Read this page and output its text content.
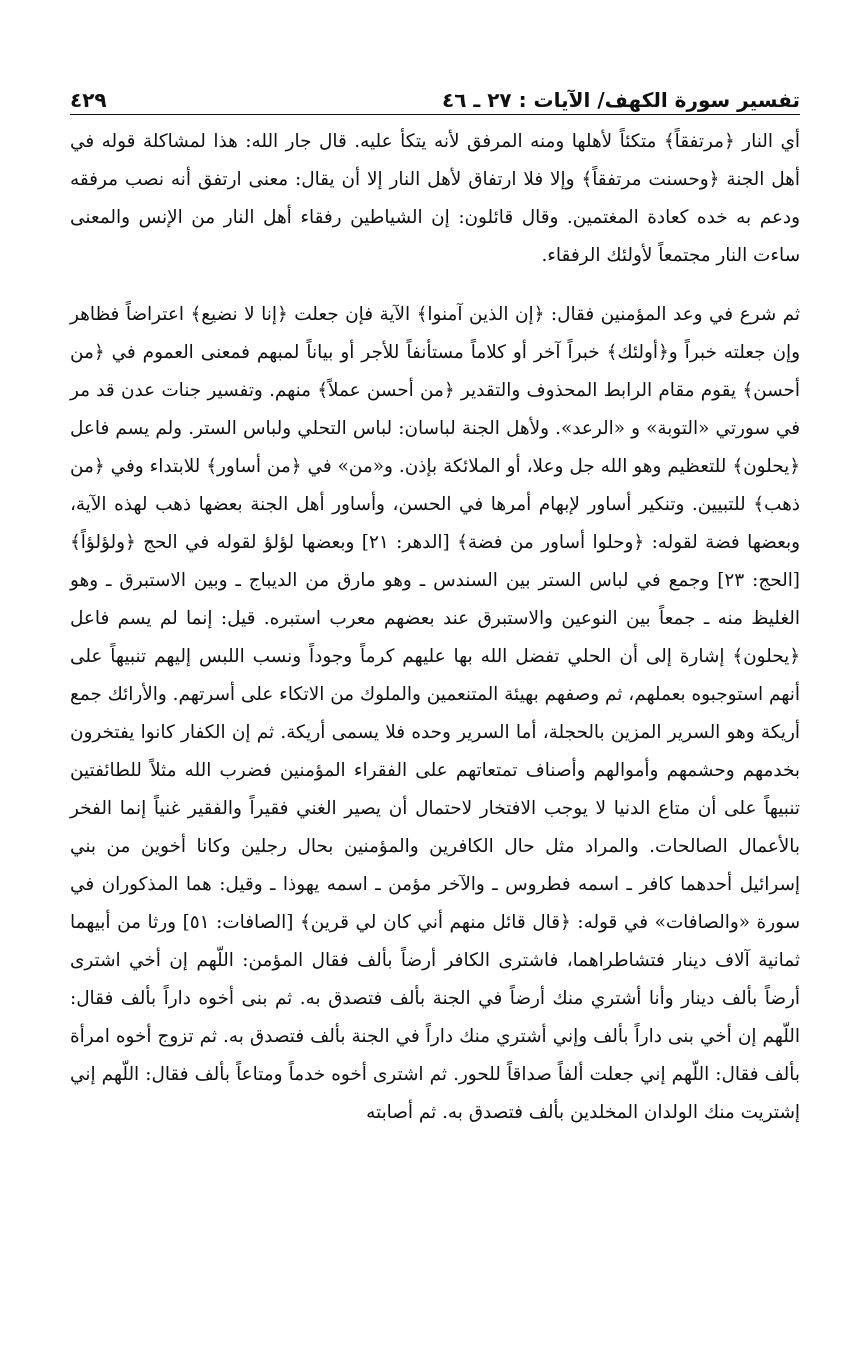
تفسير سورة الكهف/ الآيات : ٢٧ ـ ٤٦
٤٢٩

أي النار ﴿مرتفقاً﴾ متكئاً لأهلها ومنه المرفق لأنه يتكأ عليه. قال جار الله: هذا لمشاكلة قوله في أهل الجنة ﴿وحسنت مرتفقاً﴾ وإلا فلا ارتفاق لأهل النار إلا أن يقال: معنى ارتفق أنه نصب مرفقه ودعم به خده كعادة المغتمين. وقال قائلون: إن الشياطين رفقاء أهل النار من الإنس والمعنى ساءت النار مجتمعاً لأولئك الرفقاء.

ثم شرع في وعد المؤمنين فقال: ﴿إن الذين آمنوا﴾ الآية فإن جعلت ﴿إنا لا نضيع﴾ اعتراضاً فظاهر وإن جعلته خبراً و﴿أولئك﴾ خبراً آخر أو كلاماً مستأنفاً للأجر أو بياناً لمبهم فمعنى العموم في ﴿من أحسن﴾ يقوم مقام الرابط المحذوف والتقدير ﴿من أحسن عملاً﴾ منهم. وتفسير جنات عدن قد مر في سورتي «التوبة» و «الرعد». ولأهل الجنة لباسان: لباس التحلي ولباس الستر. ولم يسم فاعل ﴿يحلون﴾ للتعظيم وهو الله جل وعلا، أو الملائكة بإذن. و«من» في ﴿من أساور﴾ للابتداء وفي ﴿من ذهب﴾ للتبيين. وتنكير أساور لإبهام أمرها في الحسن، وأساور أهل الجنة بعضها ذهب لهذه الآية، وبعضها فضة لقوله: ﴿وحلوا أساور من فضة﴾ [الدهر: ٢١] وبعضها لؤلؤ لقوله في الحج ﴿ولؤلؤاً﴾ [الحج: ٢٣] وجمع في لباس الستر بين السندس ـ وهو مارق من الديباج ـ وبين الاستبرق ـ وهو الغليظ منه ـ جمعاً بين النوعين والاستبرق عند بعضهم معرب استبره. قيل: إنما لم يسم فاعل ﴿يحلون﴾ إشارة إلى أن الحلي تفضل الله بها عليهم كرماً وجوداً ونسب اللبس إليهم تنبيهاً على أنهم استوجبوه بعملهم، ثم وصفهم بهيئة المتنعمين والملوك من الاتكاء على أسرتهم. والأرائك جمع أريكة وهو السرير المزين بالحجلة، أما السرير وحده فلا يسمى أريكة. ثم إن الكفار كانوا يفتخرون بخدمهم وحشمهم وأموالهم وأصناف تمتعاتهم على الفقراء المؤمنين فضرب الله مثلاً للطائفتين تنبيهاً على أن متاع الدنيا لا يوجب الافتخار لاحتمال أن يصير الغني فقيراً والفقير غنياً إنما الفخر بالأعمال الصالحات. والمراد مثل حال الكافرين والمؤمنين بحال رجلين وكانا أخوين من بني إسرائيل أحدهما كافر ـ اسمه فطروس ـ والآخر مؤمن ـ اسمه يهوذا ـ وقيل: هما المذكوران في سورة «والصافات» في قوله: ﴿قال قائل منهم أني كان لي قرين﴾ [الصافات: ٥١] ورثا من أبيهما ثمانية آلاف دينار فتشاطراهما، فاشترى الكافر أرضاً بألف فقال المؤمن: اللّهم إن أخي اشترى أرضاً بألف دينار وأنا أشتري منك أرضاً في الجنة بألف فتصدق به. ثم بنى أخوه داراً بألف فقال: اللّهم إن أخي بنى داراً بألف وإني أشتري منك داراً في الجنة بألف فتصدق به. ثم تزوج أخوه امرأة بألف فقال: اللّهم إني جعلت ألفاً صداقاً للحور. ثم اشترى أخوه خدماً ومتاعاً بألف فقال: اللّهم إني إشتريت منك الولدان المخلدين بألف فتصدق به. ثم أصابته
